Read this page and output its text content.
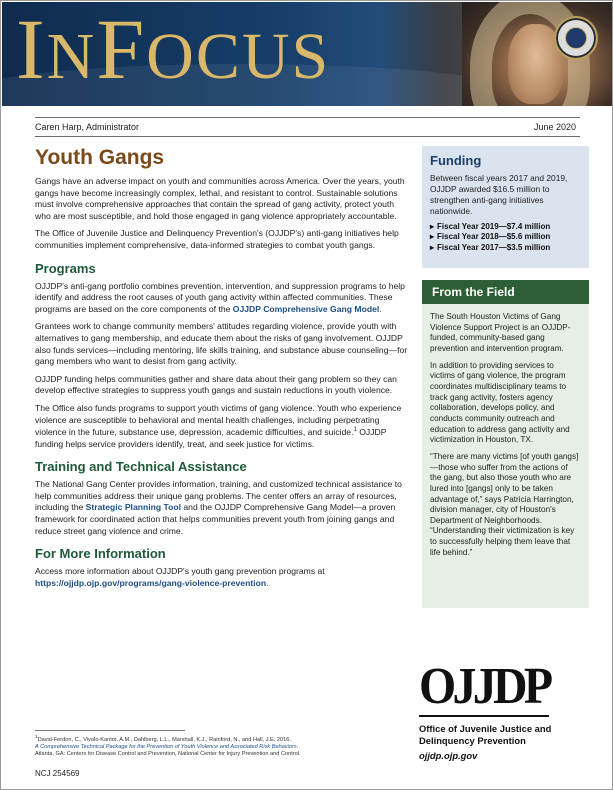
INFOCUS
Caren Harp, Administrator	June 2020
Youth Gangs

Gangs have an adverse impact on youth and communities across America. Over the years, youth gangs have become increasingly complex, lethal, and resistant to control. Sustainable solutions must involve comprehensive approaches that contain the spread of gang activity, protect youth who are most susceptible, and hold those engaged in gang violence appropriately accountable.

The Office of Juvenile Justice and Delinquency Prevention's (OJJDP's) anti-gang initiatives help communities implement comprehensive, data-informed strategies to combat youth gangs.

Programs

OJJDP's anti-gang portfolio combines prevention, intervention, and suppression programs to help identify and address the root causes of youth gang activity within affected communities. These programs are based on the core components of the OJJDP Comprehensive Gang Model.

Grantees work to change community members' attitudes regarding violence, provide youth with alternatives to gang membership, and educate them about the risks of gang involvement. OJJDP also funds services—including mentoring, life skills training, and substance abuse counseling—for gang members who want to desist from gang activity.

OJJDP funding helps communities gather and share data about their gang problem so they can develop effective strategies to suppress youth gangs and sustain reductions in youth violence.

The Office also funds programs to support youth victims of gang violence. Youth who experience violence are susceptible to behavioral and mental health challenges, including perpetrating violence in the future, substance use, depression, academic difficulties, and suicide.$^1$ OJJDP funding helps service providers identify, treat, and seek justice for victims.

Training and Technical Assistance

The National Gang Center provides information, training, and customized technical assistance to help communities address their unique gang problems. The center offers an array of resources, including the Strategic Planning Tool and the OJJDP Comprehensive Gang Model—a proven framework for coordinated action that helps communities prevent youth from joining gangs and reduce street gang violence and crime.

For More Information

Access more information about OJJDP's youth gang prevention programs at
https://ojjdp.ojp.gov/programs/gang-violence-prevention.

$^1$David-Ferdon, C., Vivolo-Kantor, A.M., Dahlberg, L.L., Marshall, K.J., Rainford, N., and Hall, J.E. 2016.
A Comprehensive Technical Package for the Prevention of Youth Violence and Associated Risk Behaviors.
Atlanta, GA: Centers for Disease Control and Prevention, National Center for Injury Prevention and Control.
NCJ 254569
Funding

Between fiscal years 2017 and 2019, OJJDP awarded $16.5 million to strengthen anti-gang initiatives nationwide.

▸ Fiscal Year 2019—$7.4 million
▸ Fiscal Year 2018—$5.6 million
▸ Fiscal Year 2017—$3.5 million
From the Field

The South Houston Victims of Gang Violence Support Project is an OJJDP-funded, community-based gang prevention and intervention program.

In addition to providing services to victims of gang violence, the program coordinates multidisciplinary teams to track gang activity, fosters agency collaboration, develops policy, and conducts community outreach and education to address gang activity and victimization in Houston, TX.

“There are many victims [of youth gangs]—those who suffer from the actions of the gang, but also those youth who are lured into [gangs] only to be taken advantage of,” says Patricia Harrington, division manager, city of Houston's Department of Neighborhoods. “Understanding their victimization is key to successfully helping them leave that life behind.”

OJJDP
Office of Juvenile Justice and
Delinquency Prevention
ojjdp.ojp.gov
